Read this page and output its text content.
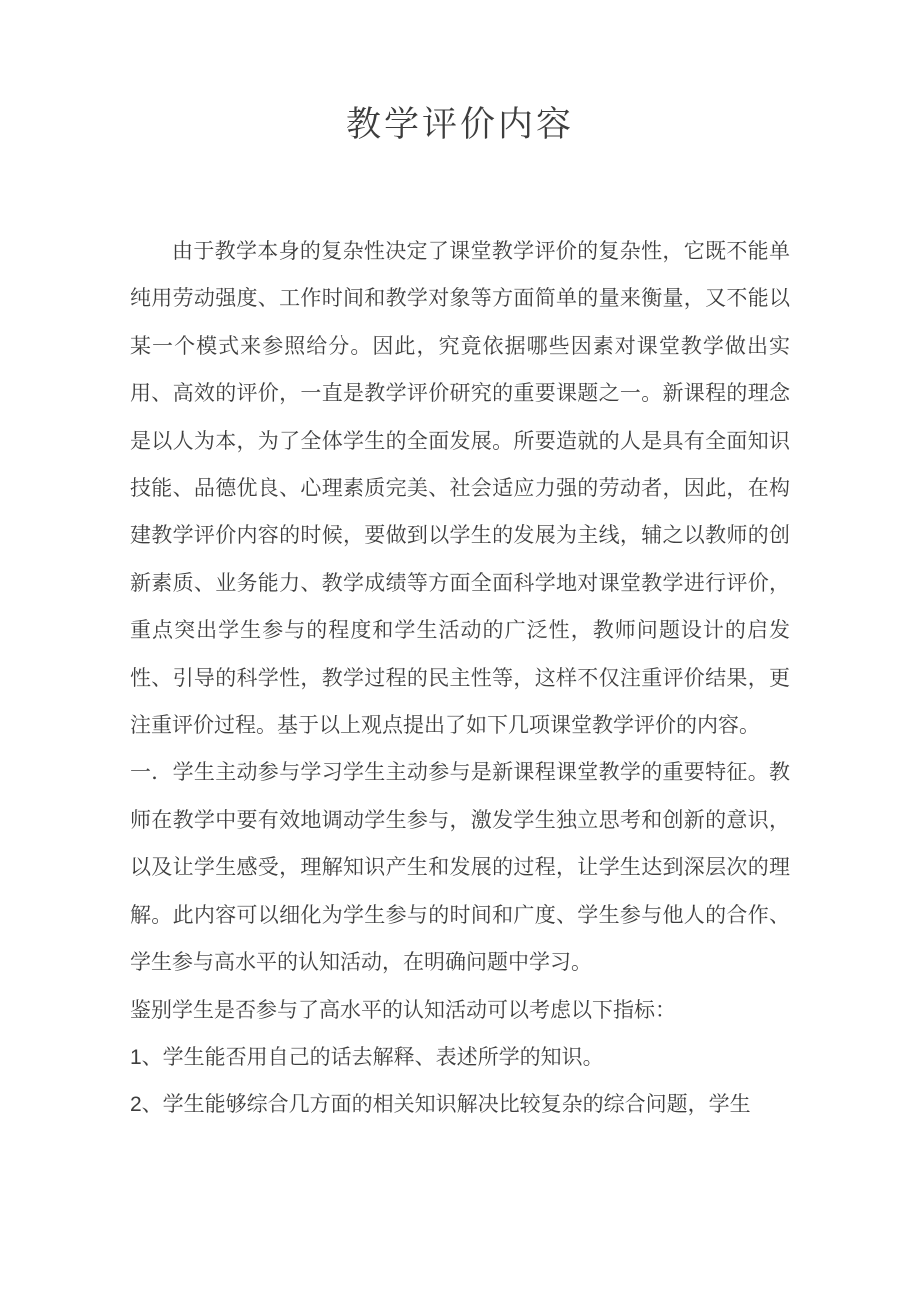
教学评价内容

由于教学本身的复杂性决定了课堂教学评价的复杂性，它既不能单纯用劳动强度、工作时间和教学对象等方面简单的量来衡量，又不能以某一个模式来参照给分。因此，究竟依据哪些因素对课堂教学做出实用、高效的评价，一直是教学评价研究的重要课题之一。新课程的理念是以人为本，为了全体学生的全面发展。所要造就的人是具有全面知识技能、品德优良、心理素质完美、社会适应力强的劳动者，因此，在构建教学评价内容的时候，要做到以学生的发展为主线，辅之以教师的创新素质、业务能力、教学成绩等方面全面科学地对课堂教学进行评价，重点突出学生参与的程度和学生活动的广泛性，教师问题设计的启发性、引导的科学性，教学过程的民主性等，这样不仅注重评价结果，更注重评价过程。基于以上观点提出了如下几项课堂教学评价的内容。

一．学生主动参与学习学生主动参与是新课程课堂教学的重要特征。教师在教学中要有效地调动学生参与，激发学生独立思考和创新的意识，以及让学生感受，理解知识产生和发展的过程，让学生达到深层次的理解。此内容可以细化为学生参与的时间和广度、学生参与他人的合作、学生参与高水平的认知活动，在明确问题中学习。

鉴别学生是否参与了高水平的认知活动可以考虑以下指标：

1、学生能否用自己的话去解释、表述所学的知识。

2、学生能够综合几方面的相关知识解决比较复杂的综合问题，学生
